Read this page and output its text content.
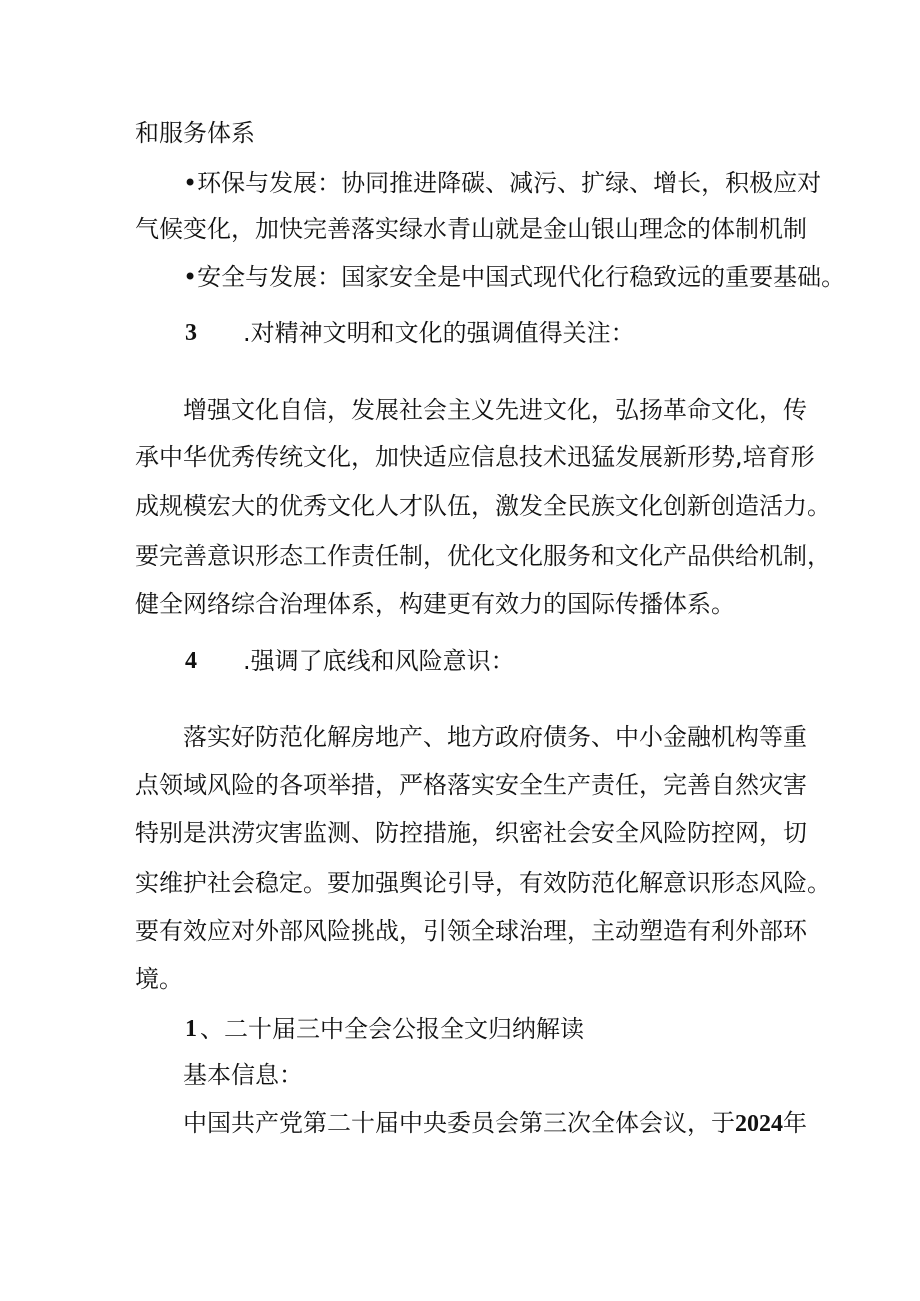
和服务体系
•环保与发展：协同推进降碳、减污、扩绿、增长，积极应对
气候变化，加快完善落实绿水青山就是金山银山理念的体制机制
•安全与发展：国家安全是中国式现代化行稳致远的重要基础。
3 .对精神文明和文化的强调值得关注：
增强文化自信，发展社会主义先进文化，弘扬革命文化，传
承中华优秀传统文化，加快适应信息技术迅猛发展新形势,培育形
成规模宏大的优秀文化人才队伍，激发全民族文化创新创造活力。
要完善意识形态工作责任制，优化文化服务和文化产品供给机制，
健全网络综合治理体系，构建更有效力的国际传播体系。
4 .强调了底线和风险意识：
落实好防范化解房地产、地方政府债务、中小金融机构等重
点领域风险的各项举措，严格落实安全生产责任，完善自然灾害
特别是洪涝灾害监测、防控措施，织密社会安全风险防控网，切
实维护社会稳定。要加强舆论引导，有效防范化解意识形态风险。
要有效应对外部风险挑战，引领全球治理，主动塑造有利外部环
境。
1 、二十届三中全会公报全文归纳解读
基本信息：
中国共产党第二十届中央委员会第三次全体会议，于2024年
